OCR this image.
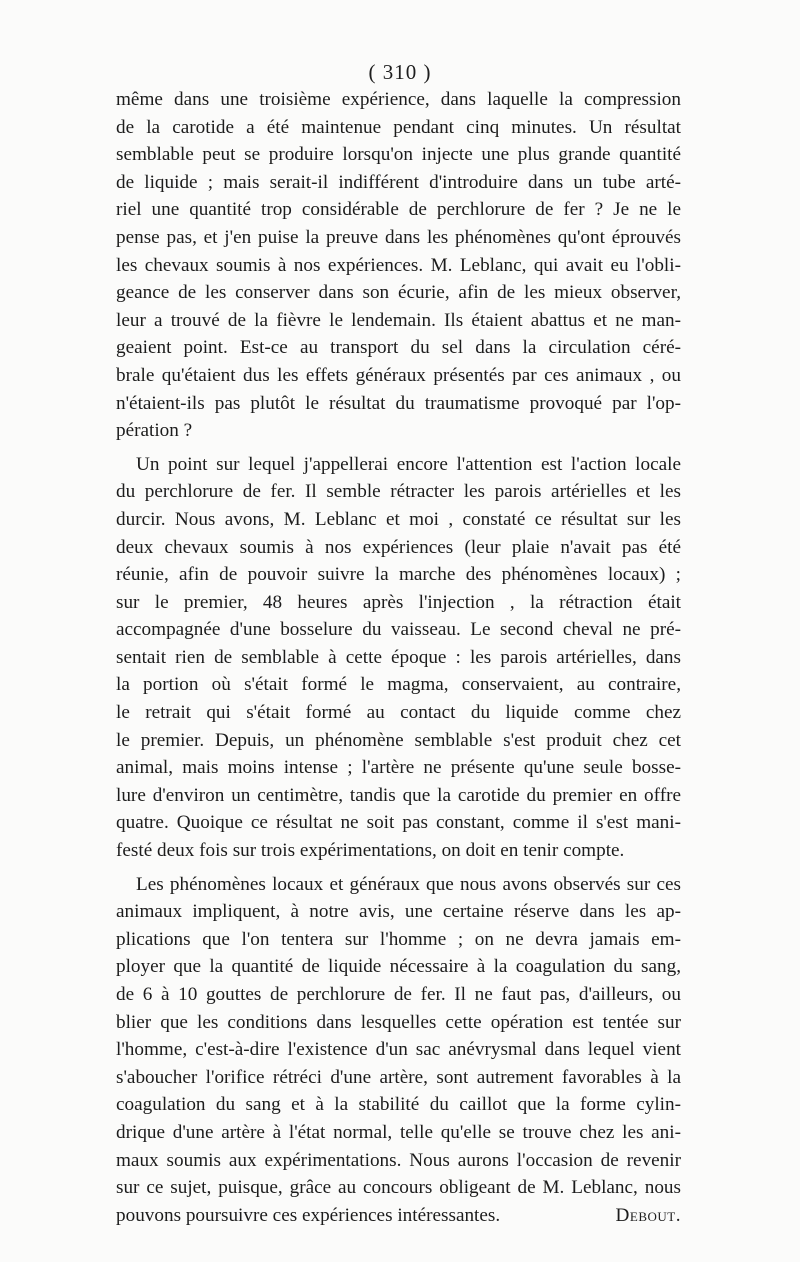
( 310 )
même dans une troisième expérience, dans laquelle la compression
de la carotide a été maintenue pendant cinq minutes. Un résultat
semblable peut se produire lorsqu'on injecte une plus grande quantité
de liquide ; mais serait-il indifférent d'introduire dans un tube arté-
riel une quantité trop considérable de perchlorure de fer ? Je ne le
pense pas, et j'en puise la preuve dans les phénomènes qu'ont éprouvés
les chevaux soumis à nos expériences. M. Leblanc, qui avait eu l'obli-
geance de les conserver dans son écurie, afin de les mieux observer,
leur a trouvé de la fièvre le lendemain. Ils étaient abattus et ne man-
geaient point. Est-ce au transport du sel dans la circulation céré-
brale qu'étaient dus les effets généraux présentés par ces animaux , ou
n'étaient-ils pas plutôt le résultat du traumatisme provoqué par l'op-
pération ?
Un point sur lequel j'appellerai encore l'attention est l'action locale
du perchlorure de fer. Il semble rétracter les parois artérielles et les
durcir. Nous avons, M. Leblanc et moi , constaté ce résultat sur les
deux chevaux soumis à nos expériences (leur plaie n'avait pas été
réunie, afin de pouvoir suivre la marche des phénomènes locaux) ;
sur le premier, 48 heures après l'injection , la rétraction était
accompagnée d'une bosselure du vaisseau. Le second cheval ne pré-
sentait rien de semblable à cette époque : les parois artérielles, dans
la portion où s'était formé le magma, conservaient, au contraire,
le retrait qui s'était formé au contact du liquide comme chez
le premier. Depuis, un phénomène semblable s'est produit chez cet
animal, mais moins intense ; l'artère ne présente qu'une seule bosse-
lure d'environ un centimètre, tandis que la carotide du premier en offre
quatre. Quoique ce résultat ne soit pas constant, comme il s'est mani-
festé deux fois sur trois expérimentations, on doit en tenir compte.
Les phénomènes locaux et généraux que nous avons observés sur ces
animaux impliquent, à notre avis, une certaine réserve dans les ap-
plications que l'on tentera sur l'homme ; on ne devra jamais em-
ployer que la quantité de liquide nécessaire à la coagulation du sang,
de 6 à 10 gouttes de perchlorure de fer. Il ne faut pas, d'ailleurs, ou
blier que les conditions dans lesquelles cette opération est tentée sur
l'homme, c'est-à-dire l'existence d'un sac anévrysmal dans lequel vient
s'aboucher l'orifice rétréci d'une artère, sont autrement favorables à la
coagulation du sang et à la stabilité du caillot que la forme cylin-
drique d'une artère à l'état normal, telle qu'elle se trouve chez les ani-
maux soumis aux expérimentations. Nous aurons l'occasion de revenir
sur ce sujet, puisque, grâce au concours obligeant de M. Leblanc, nous
pouvons poursuivre ces expériences intéressantes.	Debout.
